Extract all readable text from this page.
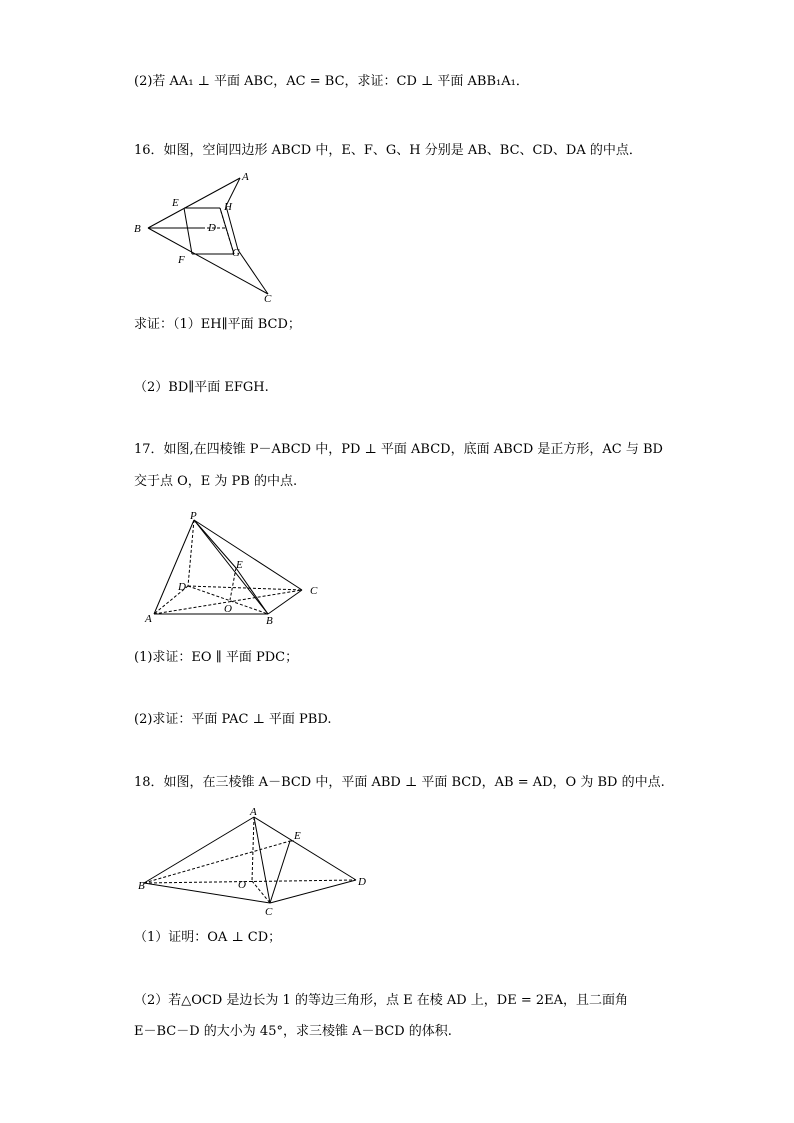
(2)若 AA₁ ⊥ 平面 ABC，AC = BC，求证：CD ⊥ 平面 ABB₁A₁．
16．如图，空间四边形 ABCD 中，E、F、G、H 分别是 AB、BC、CD、DA 的中点．
A
B
C
D
E
F
G
H
求证：（1）EH∥平面 BCD；
（2）BD∥平面 EFGH.
17．如图,在四棱锥 P－ABCD 中，PD ⊥ 平面 ABCD，底面 ABCD 是正方形，AC 与 BD
交于点 O，E 为 PB 的中点.
P
A	B
C
D
E
O
(1)求证：EO ∥ 平面 PDC；
(2)求证：平面 PAC ⊥ 平面 PBD.
18．如图，在三棱锥 A－BCD 中，平面 ABD ⊥ 平面 BCD，AB = AD，O 为 BD 的中点.
A
B
C
D
E
O
（1）证明：OA ⊥ CD；
（2）若△OCD 是边长为 1 的等边三角形，点 E 在棱 AD 上，DE = 2EA，且二面角
E－BC－D 的大小为 45°，求三棱锥 A－BCD 的体积.
